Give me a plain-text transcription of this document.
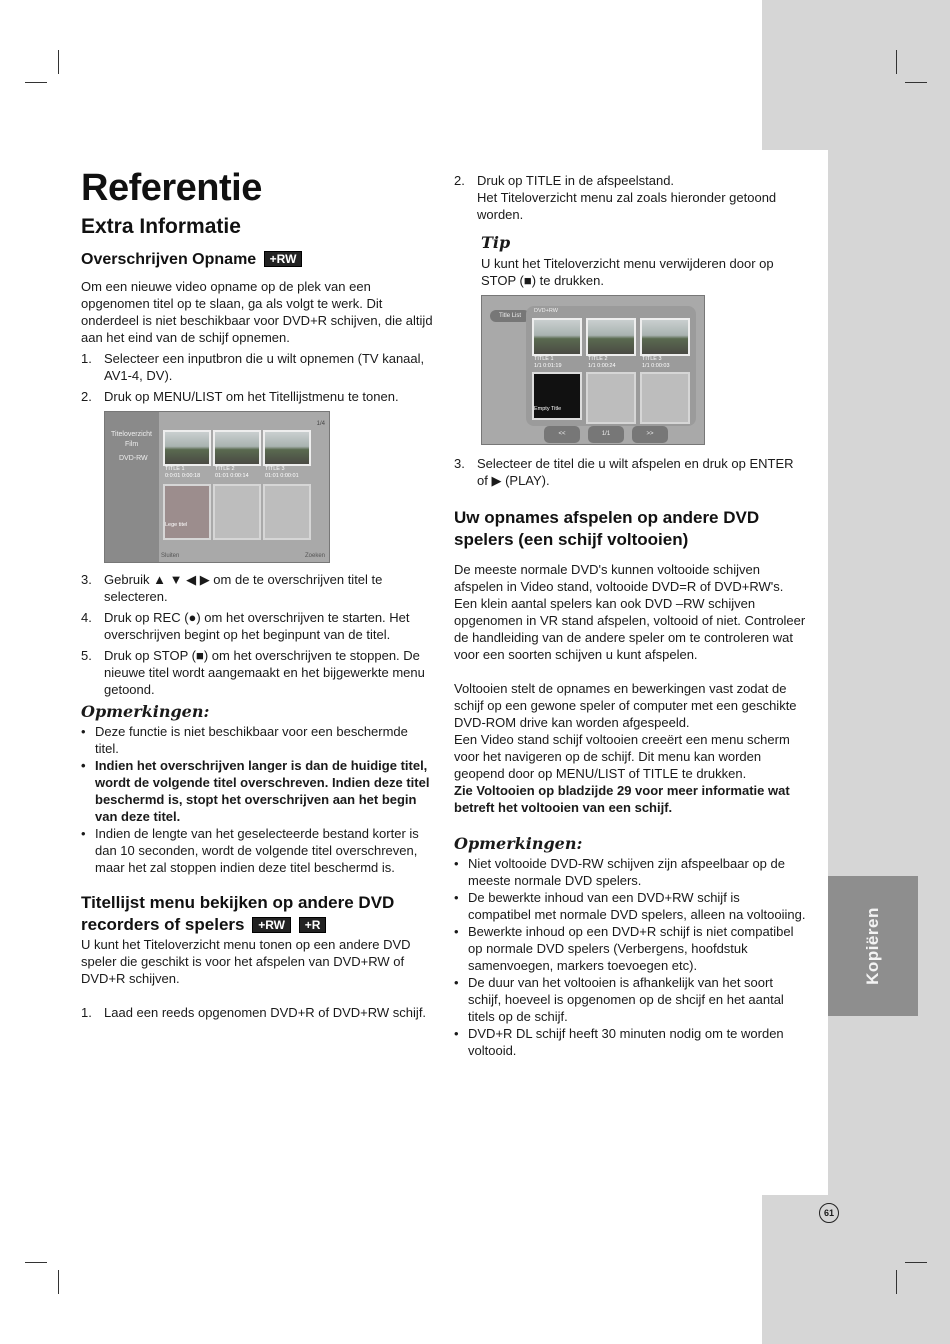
Kopiëren
61
Referentie
Extra Informatie
Overschrijven Opname +RW

Om een nieuwe video opname op de plek van een opgenomen titel op te slaan, ga als volgt te werk. Dit onderdeel is niet beschikbaar voor DVD+R schijven, die altijd aan het eind van de schijf opnemen.

1. Selecteer een inputbron die u wilt opnemen (TV kanaal, AV1-4, DV).
2. Druk op MENU/LIST om het Titellijstmenu te tonen.
Titeloverzicht
Film
DVD-RW
1/4
TITLE 1
0:0:01 0:00:18
TITLE 2
01:01 0:00:14
TITLE 3
01:01 0:00:01
Lege titel
Sluiten	Zoeken
3. Gebruik ▲ ▼ ◀ ▶ om de te overschrijven titel te selecteren.
4. Druk op REC (●) om het overschrijven te starten. Het overschrijven begint op het beginpunt van de titel.
5. Druk op STOP (■) om het overschrijven te stoppen. De nieuwe titel wordt aangemaakt en het bijgewerkte menu getoond.
Opmerkingen:
• Deze functie is niet beschikbaar voor een beschermde titel.
• Indien het overschrijven langer is dan de huidige titel, wordt de volgende titel overschreven. Indien deze titel beschermd is, stopt het overschrijven aan het begin van deze titel.
• Indien de lengte van het geselecteerde bestand korter is dan 10 seconden, wordt de volgende titel overschreven, maar het zal stoppen indien deze titel beschermd is.
Titellijst menu bekijken op andere DVD recorders of spelers +RW +R

U kunt het Titeloverzicht menu tonen op een andere DVD speler die geschikt is voor het afspelen van DVD+RW of DVD+R schijven.

1. Laad een reeds opgenomen DVD+R of DVD+RW schijf.
2. Druk op TITLE in de afspeelstand.
Het Titeloverzicht menu zal zoals hieronder getoond worden.
Tip

U kunt het Titeloverzicht menu verwijderen door op STOP (■) te drukken.

Title List
DVD+RW
TITLE 1
1/1 0:01:19
TITLE 2
1/1 0:00:24
TITLE 3
1/1 0:00:03
Empty Title
<<	1/1	>>
3. Selecteer de titel die u wilt afspelen en druk op ENTER of ▶ (PLAY).
Uw opnames afspelen op andere DVD spelers (een schijf voltooien)

De meeste normale DVD's kunnen voltooide schijven afspelen in Video stand, voltooide DVD=R of DVD+RW's. Een klein aantal spelers kan ook DVD –RW schijven opgenomen in VR stand afspelen, voltooid of niet. Controleer de handleiding van de andere speler om te controleren wat voor een soorten schijven u kunt afspelen.

Voltooien stelt de opnames en bewerkingen vast zodat de schijf op een gewone speler of computer met een geschikte DVD-ROM drive kan worden afgespeeld.

Een Video stand schijf voltooien creeërt een menu scherm voor het navigeren op de schijf. Dit menu kan worden geopend door op MENU/LIST of TITLE te drukken.

Zie Voltooien op bladzijde 29 voor meer informatie wat betreft het voltooien van een schijf.

Opmerkingen:
• Niet voltooide DVD-RW schijven zijn afspeelbaar op de meeste normale DVD spelers.
• De bewerkte inhoud van een DVD+RW schijf is compatibel met normale DVD spelers, alleen na voltooiing.
• Bewerkte inhoud op een DVD+R schijf is niet compatibel op normale DVD spelers (Verbergens, hoofdstuk samenvoegen, markers toevoegen etc).
• De duur van het voltooien is afhankelijk van het soort schijf, hoeveel is opgenomen op de shcijf en het aantal titels op de schijf.
• DVD+R DL schijf heeft 30 minuten nodig om te worden voltooid.
